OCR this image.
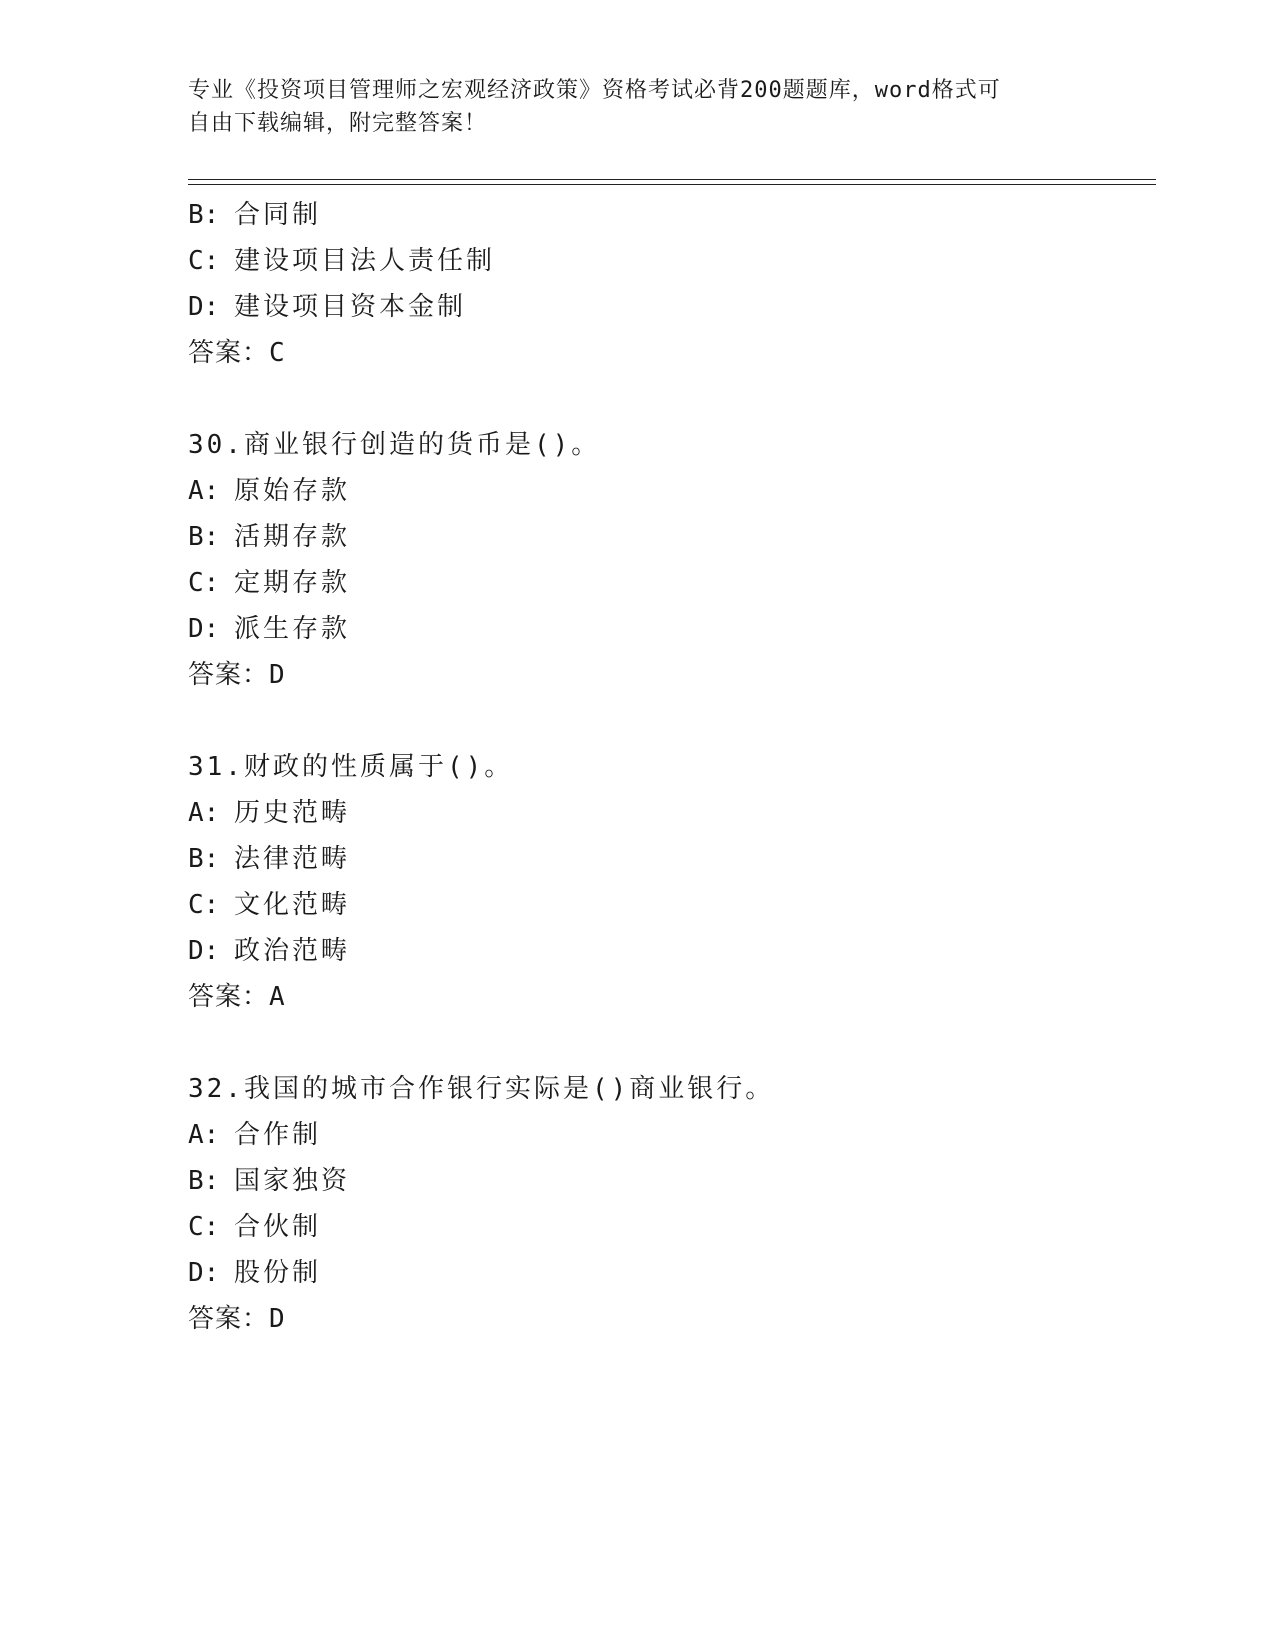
专业《投资项目管理师之宏观经济政策》资格考试必背200题题库，word格式可
自由下载编辑，附完整答案！
B: 合同制
C: 建设项目法人责任制
D: 建设项目资本金制
答案：C
30.商业银行创造的货币是()。
A: 原始存款
B: 活期存款
C: 定期存款
D: 派生存款
答案：D
31.财政的性质属于()。
A: 历史范畴
B: 法律范畴
C: 文化范畴
D: 政治范畴
答案：A
32.我国的城市合作银行实际是()商业银行。
A: 合作制
B: 国家独资
C: 合伙制
D: 股份制
答案：D
